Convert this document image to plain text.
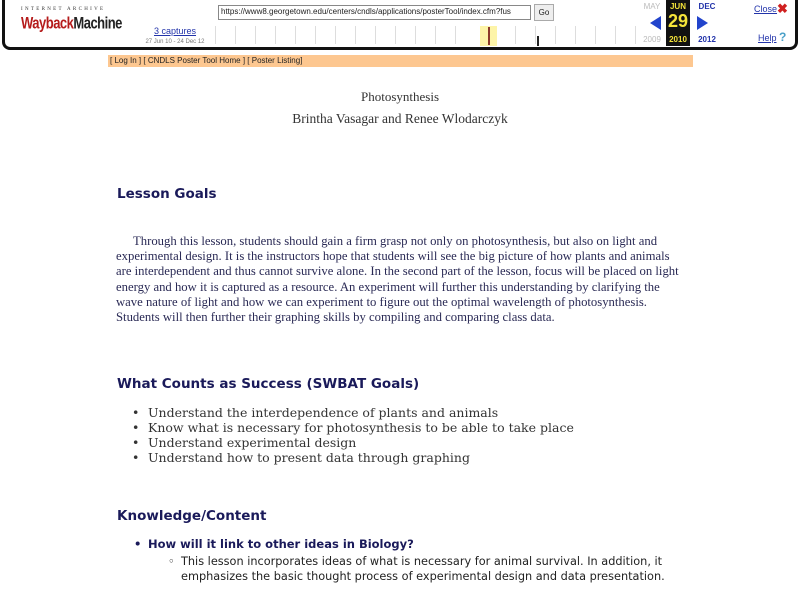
INTERNET ARCHIVE
WaybackMachine	3 captures
27 Jun 10 - 24 Dec 12
https://www8.georgetown.edu/centers/cndls/applications/posterTool/index.cfm?fus	Go
MAY
2009
JUN
29
2010
DEC
2012
Close ✖
Help ?
[ Log In ] [ CNDLS Poster Tool Home ] [ Poster Listing]
Photosynthesis
Brintha Vasagar and Renee Wlodarczyk
Lesson Goals

Through this lesson, students should gain a firm grasp not only on photosynthesis, but also on light and experimental design. It is the instructors hope that students will see the big picture of how plants and animals are interdependent and thus cannot survive alone. In the second part of the lesson, focus will be placed on light energy and how it is captured as a resource. An experiment will further this understanding by clarifying the wave nature of light and how we can experiment to figure out the optimal wavelength of photosynthesis. Students will then further their graphing skills by compiling and comparing class data.

What Counts as Success (SWBAT Goals)
• Understand the interdependence of plants and animals
• Know what is necessary for photosynthesis to be able to take place
• Understand experimental design
• Understand how to present data through graphing
Knowledge/Content
• How will it link to other ideas in Biology?
◦ This lesson incorporates ideas of what is necessary for animal survival. In addition, it emphasizes the basic thought process of experimental design and data presentation.
